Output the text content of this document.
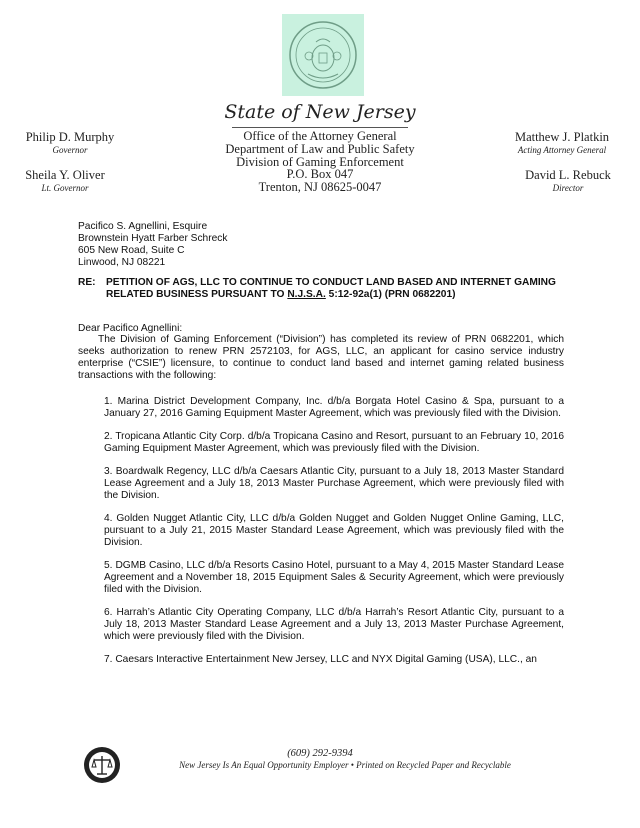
State of New Jersey
Philip D. Murphy
Governor
Sheila Y. Oliver
Lt. Governor
Office of the Attorney General
Department of Law and Public Safety
Division of Gaming Enforcement
P.O. Box 047
Trenton, NJ 08625-0047
Matthew J. Platkin
Acting Attorney General
David L. Rebuck
Director
Pacifico S. Agnellini, Esquire
Brownstein Hyatt Farber Schreck
605 New Road, Suite C
Linwood, NJ 08221
RE: PETITION OF AGS, LLC TO CONTINUE TO CONDUCT LAND BASED AND INTERNET GAMING RELATED BUSINESS PURSUANT TO N.J.S.A. 5:12-92a(1) (PRN 0682201)
Dear Pacifico Agnellini:

The Division of Gaming Enforcement (“Division”) has completed its review of PRN 0682201, which seeks authorization to renew PRN 2572103, for AGS, LLC, an applicant for casino service industry enterprise (“CSIE”) licensure, to continue to conduct land based and internet gaming related business transactions with the following:

1. Marina District Development Company, Inc. d/b/a Borgata Hotel Casino & Spa, pursuant to a January 27, 2016 Gaming Equipment Master Agreement, which was previously filed with the Division.

2. Tropicana Atlantic City Corp. d/b/a Tropicana Casino and Resort, pursuant to an February 10, 2016 Gaming Equipment Master Agreement, which was previously filed with the Division.

3. Boardwalk Regency, LLC d/b/a Caesars Atlantic City, pursuant to a July 18, 2013 Master Standard Lease Agreement and a July 18, 2013 Master Purchase Agreement, which were previously filed with the Division.

4. Golden Nugget Atlantic City, LLC d/b/a Golden Nugget and Golden Nugget Online Gaming, LLC, pursuant to a July 21, 2015 Master Standard Lease Agreement, which was previously filed with the Division.

5. DGMB Casino, LLC d/b/a Resorts Casino Hotel, pursuant to a May 4, 2015 Master Standard Lease Agreement and a November 18, 2015 Equipment Sales & Security Agreement, which were previously filed with the Division.

6. Harrah’s Atlantic City Operating Company, LLC d/b/a Harrah’s Resort Atlantic City, pursuant to a July 18, 2013 Master Standard Lease Agreement and a July 13, 2013 Master Purchase Agreement, which were previously filed with the Division.

7. Caesars Interactive Entertainment New Jersey, LLC and NYX Digital Gaming (USA), LLC., an

(609) 292-9394
New Jersey Is An Equal Opportunity Employer • Printed on Recycled Paper and Recyclable
